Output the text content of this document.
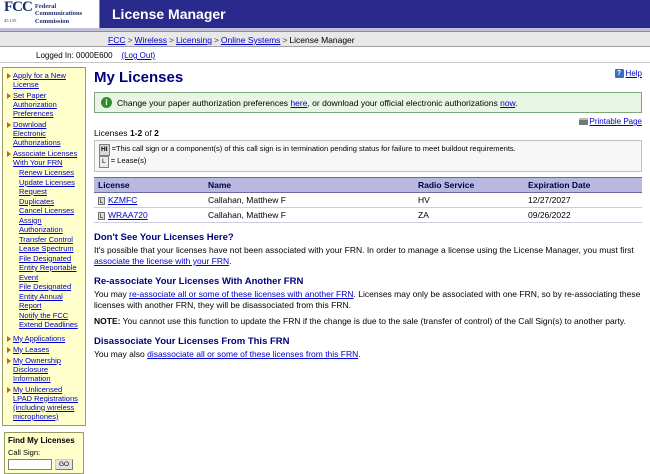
FCC
45.135
Federal
Communications
Commission	License Manager
FCC > Wireless > Licensing > Online Systems > License Manager
Logged In: 0000E600 (Log Out)
Apply for a New License
Set Paper Authorization Preferences
Download Electronic Authorizations
Associate Licenses With Your FRN
Renew Licenses
Update Licenses
Request Duplicates
Cancel Licenses
Assign Authorization
Transfer Control
Lease Spectrum
File Designated Entity Reportable Event
File Designated Entity Annual Report
Notify the FCC
Extend Deadlines
My Applications
My Leases
My Ownership Disclosure Information
My Unlicensed LPAD Registrations (including wireless microphones)
Find My Licenses
Call Sign:
GO
My Licenses	? Help
i	Change your paper authorization preferences here, or download your official electronic authorizations now.
Printable Page
Licenses 1-2 of 2
HI =This call sign or a component(s) of this call sign is in termination pending status for failure to meet buildout requirements.
L = Lease(s)
License	Name	Radio Service	Expiration Date
L KZMFC	Callahan, Matthew F	HV	12/27/2027
L WRAA720	Callahan, Matthew F	ZA	09/26/2022
Don't See Your Licenses Here?
It's possible that your licenses have not been associated with your FRN. In order to manage a license using the License Manager, you must first associate the license with your FRN.
Re-associate Your Licenses With Another FRN
You may re-associate all or some of these licenses with another FRN. Licenses may only be associated with one FRN, so by re-associating these licenses with another FRN, they will be disassociated from this FRN.
NOTE: You cannot use this function to update the FRN if the change is due to the sale (transfer of control) of the Call Sign(s) to another party.
Disassociate Your Licenses From This FRN
You may also disassociate all or some of these licenses from this FRN.
